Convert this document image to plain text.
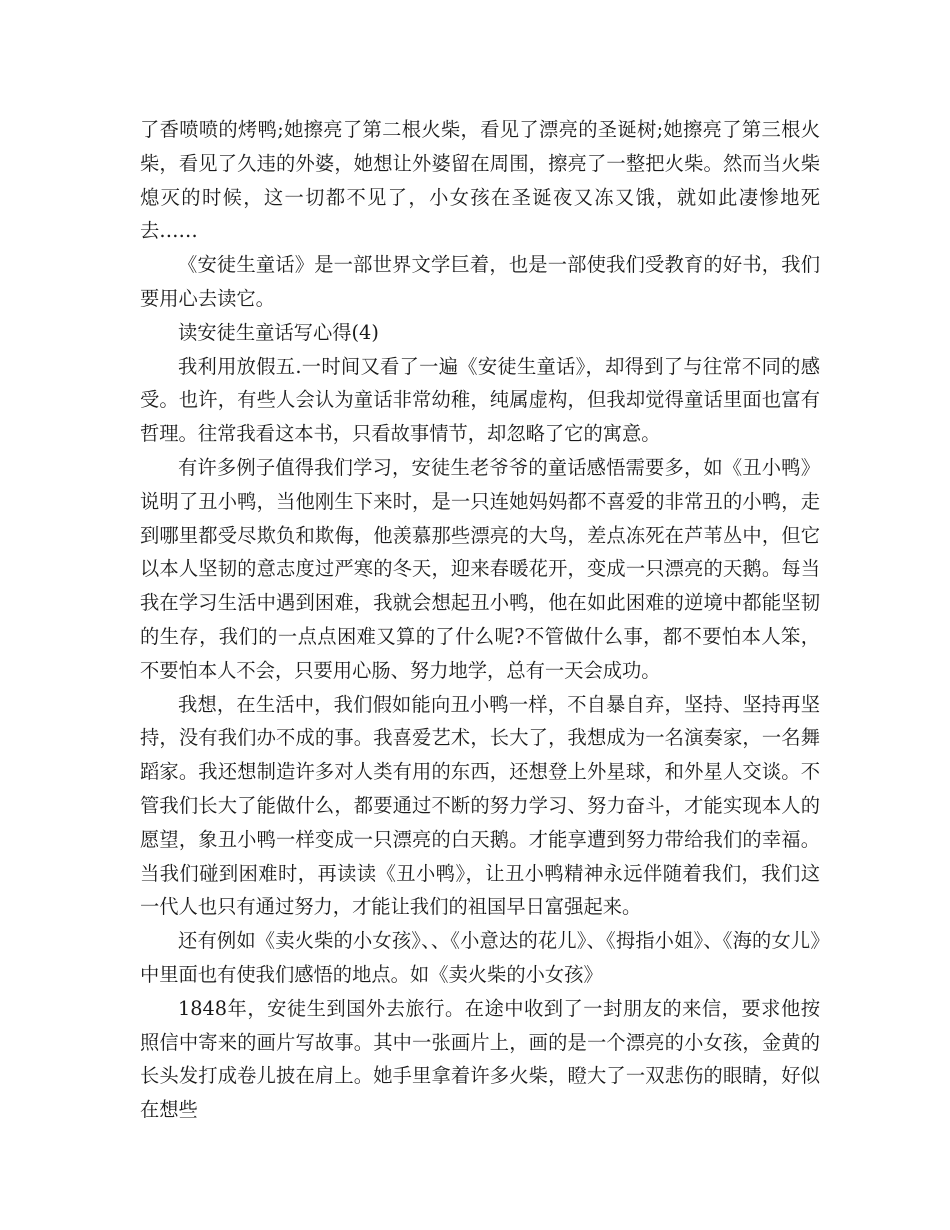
了香喷喷的烤鸭;她擦亮了第二根火柴，看见了漂亮的圣诞树;她擦亮了第三根火柴，看见了久违的外婆，她想让外婆留在周围，擦亮了一整把火柴。然而当火柴熄灭的时候，这一切都不见了，小女孩在圣诞夜又冻又饿，就如此凄惨地死去……

《安徒生童话》是一部世界文学巨着，也是一部使我们受教育的好书，我们要用心去读它。

读安徒生童话写心得(4)

我利用放假五.一时间又看了一遍《安徒生童话》，却得到了与往常不同的感受。也许，有些人会认为童话非常幼稚，纯属虚构，但我却觉得童话里面也富有哲理。往常我看这本书，只看故事情节，却忽略了它的寓意。

有许多例子值得我们学习，安徒生老爷爷的童话感悟需要多，如《丑小鸭》说明了丑小鸭，当他刚生下来时，是一只连她妈妈都不喜爱的非常丑的小鸭，走到哪里都受尽欺负和欺侮，他羡慕那些漂亮的大鸟，差点冻死在芦苇丛中，但它以本人坚韧的意志度过严寒的冬天，迎来春暖花开，变成一只漂亮的天鹅。每当我在学习生活中遇到困难，我就会想起丑小鸭，他在如此困难的逆境中都能坚韧的生存，我们的一点点困难又算的了什么呢?不管做什么事，都不要怕本人笨，不要怕本人不会，只要用心肠、努力地学，总有一天会成功。

我想，在生活中，我们假如能向丑小鸭一样，不自暴自弃，坚持、坚持再坚持，没有我们办不成的事。我喜爱艺术，长大了，我想成为一名演奏家，一名舞蹈家。我还想制造许多对人类有用的东西，还想登上外星球，和外星人交谈。不管我们长大了能做什么，都要通过不断的努力学习、努力奋斗，才能实现本人的愿望，象丑小鸭一样变成一只漂亮的白天鹅。才能享遭到努力带给我们的幸福。当我们碰到困难时，再读读《丑小鸭》，让丑小鸭精神永远伴随着我们，我们这一代人也只有通过努力，才能让我们的祖国早日富强起来。

还有例如《卖火柴的小女孩》、、《小意达的花儿》、《拇指小姐》、《海的女儿》中里面也有使我们感悟的地点。如《卖火柴的小女孩》

1848年，安徒生到国外去旅行。在途中收到了一封朋友的来信，要求他按照信中寄来的画片写故事。其中一张画片上，画的是一个漂亮的小女孩，金黄的长头发打成卷儿披在肩上。她手里拿着许多火柴，瞪大了一双悲伤的眼睛，好似在想些
